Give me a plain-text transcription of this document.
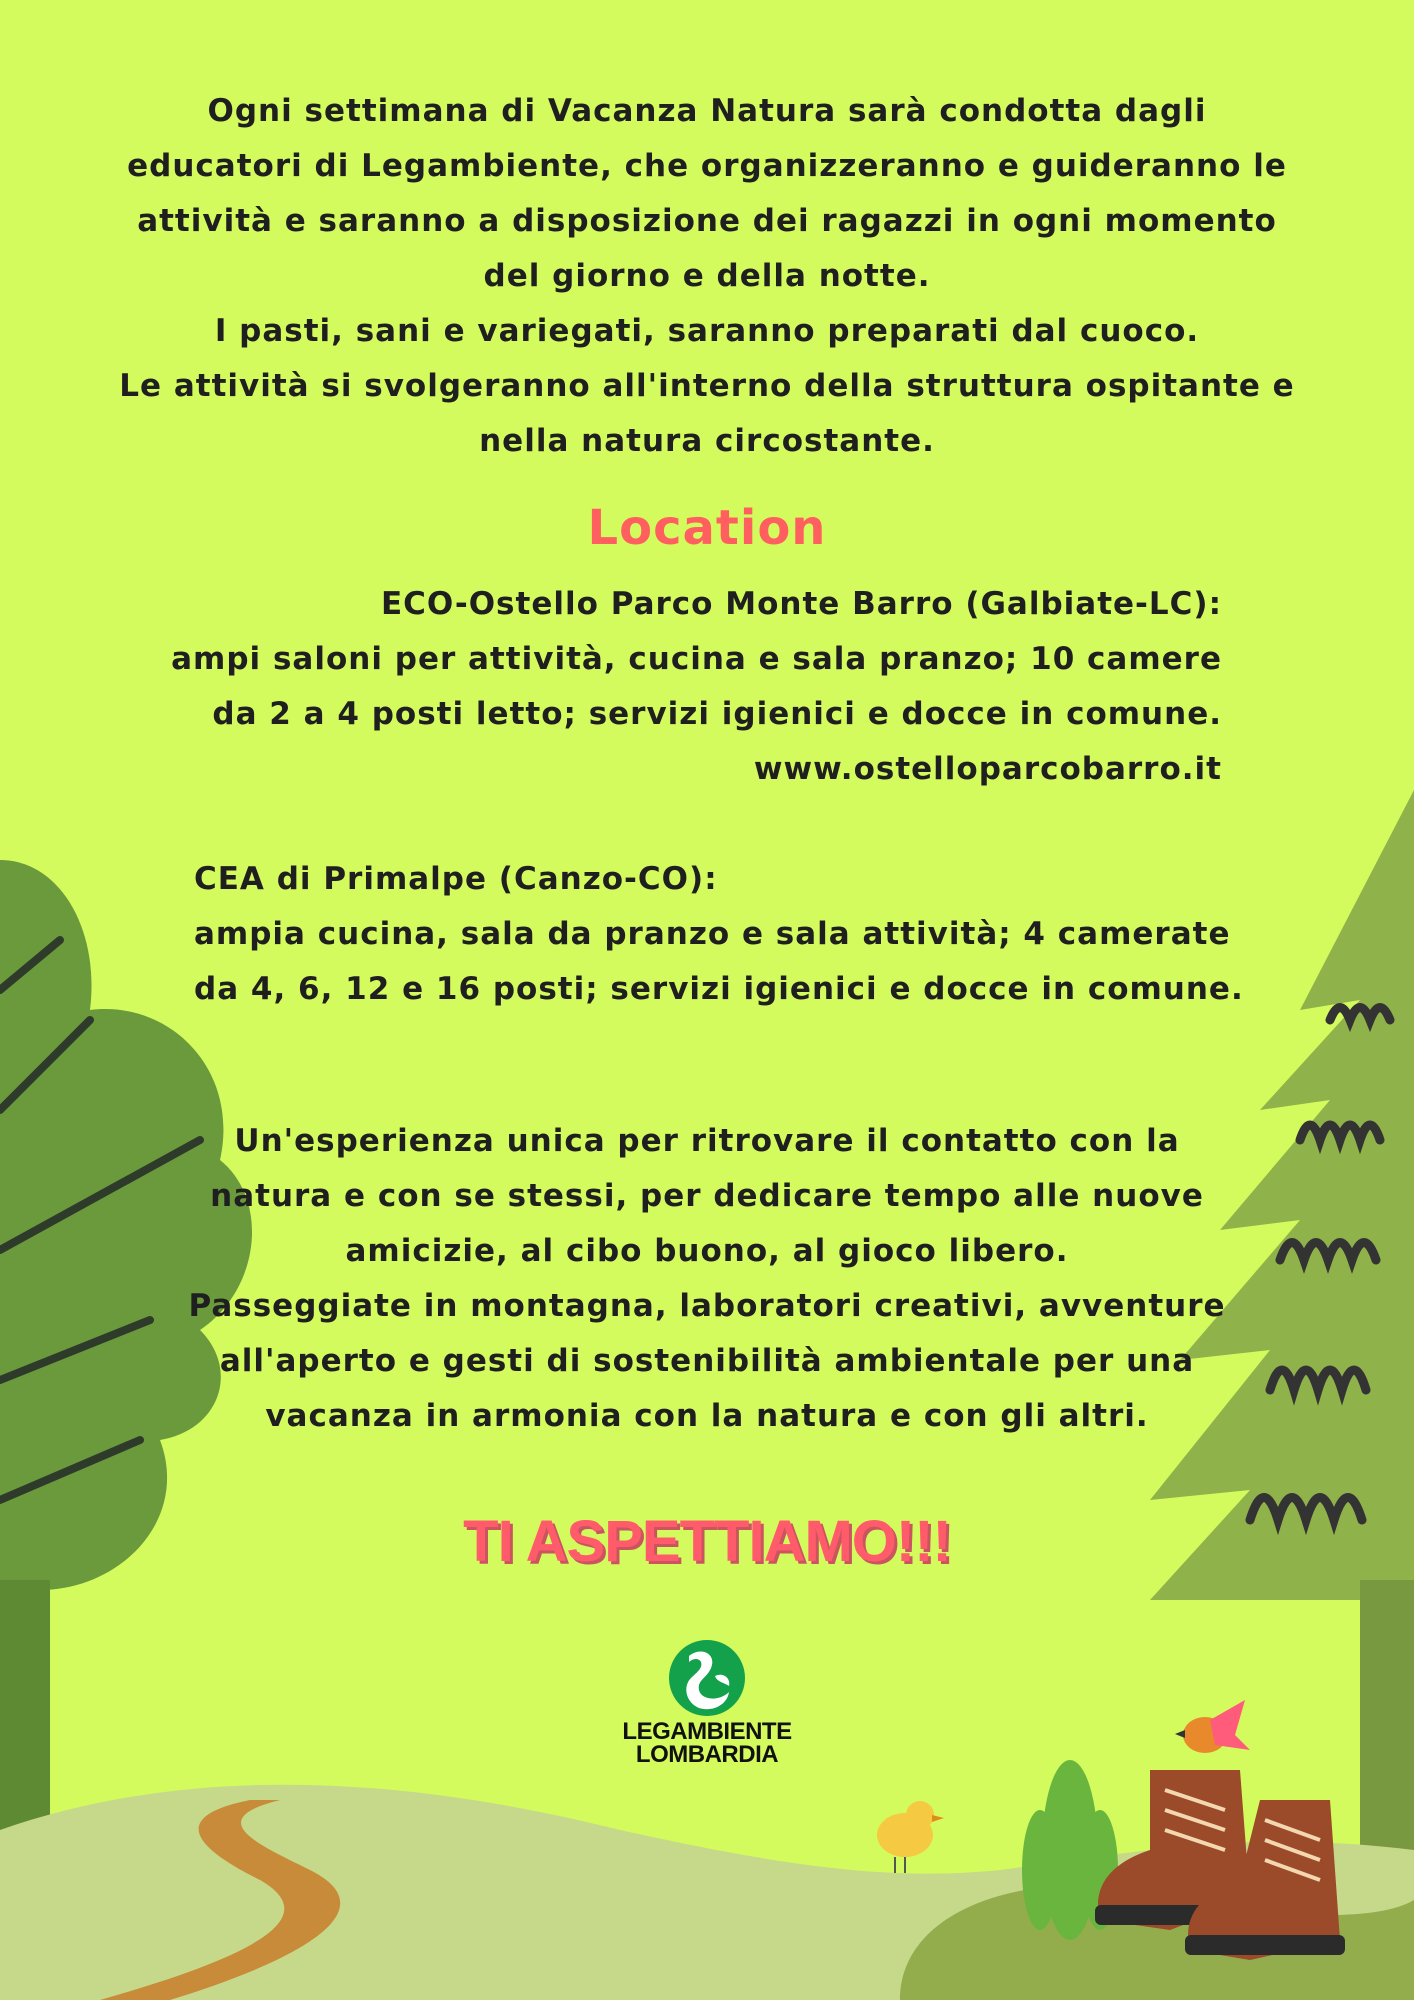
Ogni settimana di Vacanza Natura sarà condotta dagli
educatori di Legambiente, che organizzeranno e guideranno le
attività e saranno a disposizione dei ragazzi in ogni momento
del giorno e della notte.
I pasti, sani e variegati, saranno preparati dal cuoco.
Le attività si svolgeranno all'interno della struttura ospitante e
nella natura circostante.
Location
ECO-Ostello Parco Monte Barro (Galbiate-LC):
ampi saloni per attività, cucina e sala pranzo; 10 camere
da 2 a 4 posti letto; servizi igienici e docce in comune.
www.ostelloparcobarro.it
CEA di Primalpe (Canzo-CO):
ampia cucina, sala da pranzo e sala attività; 4 camerate
da 4, 6, 12 e 16 posti; servizi igienici e docce in comune.
Un'esperienza unica per ritrovare il contatto con la
natura e con se stessi, per dedicare tempo alle nuove
amicizie, al cibo buono, al gioco libero.
Passeggiate in montagna, laboratori creativi, avventure
all'aperto e gesti di sostenibilità ambientale per una
vacanza in armonia con la natura e con gli altri.
TI ASPETTIAMO!!!
LEGAMBIENTE
LOMBARDIA
